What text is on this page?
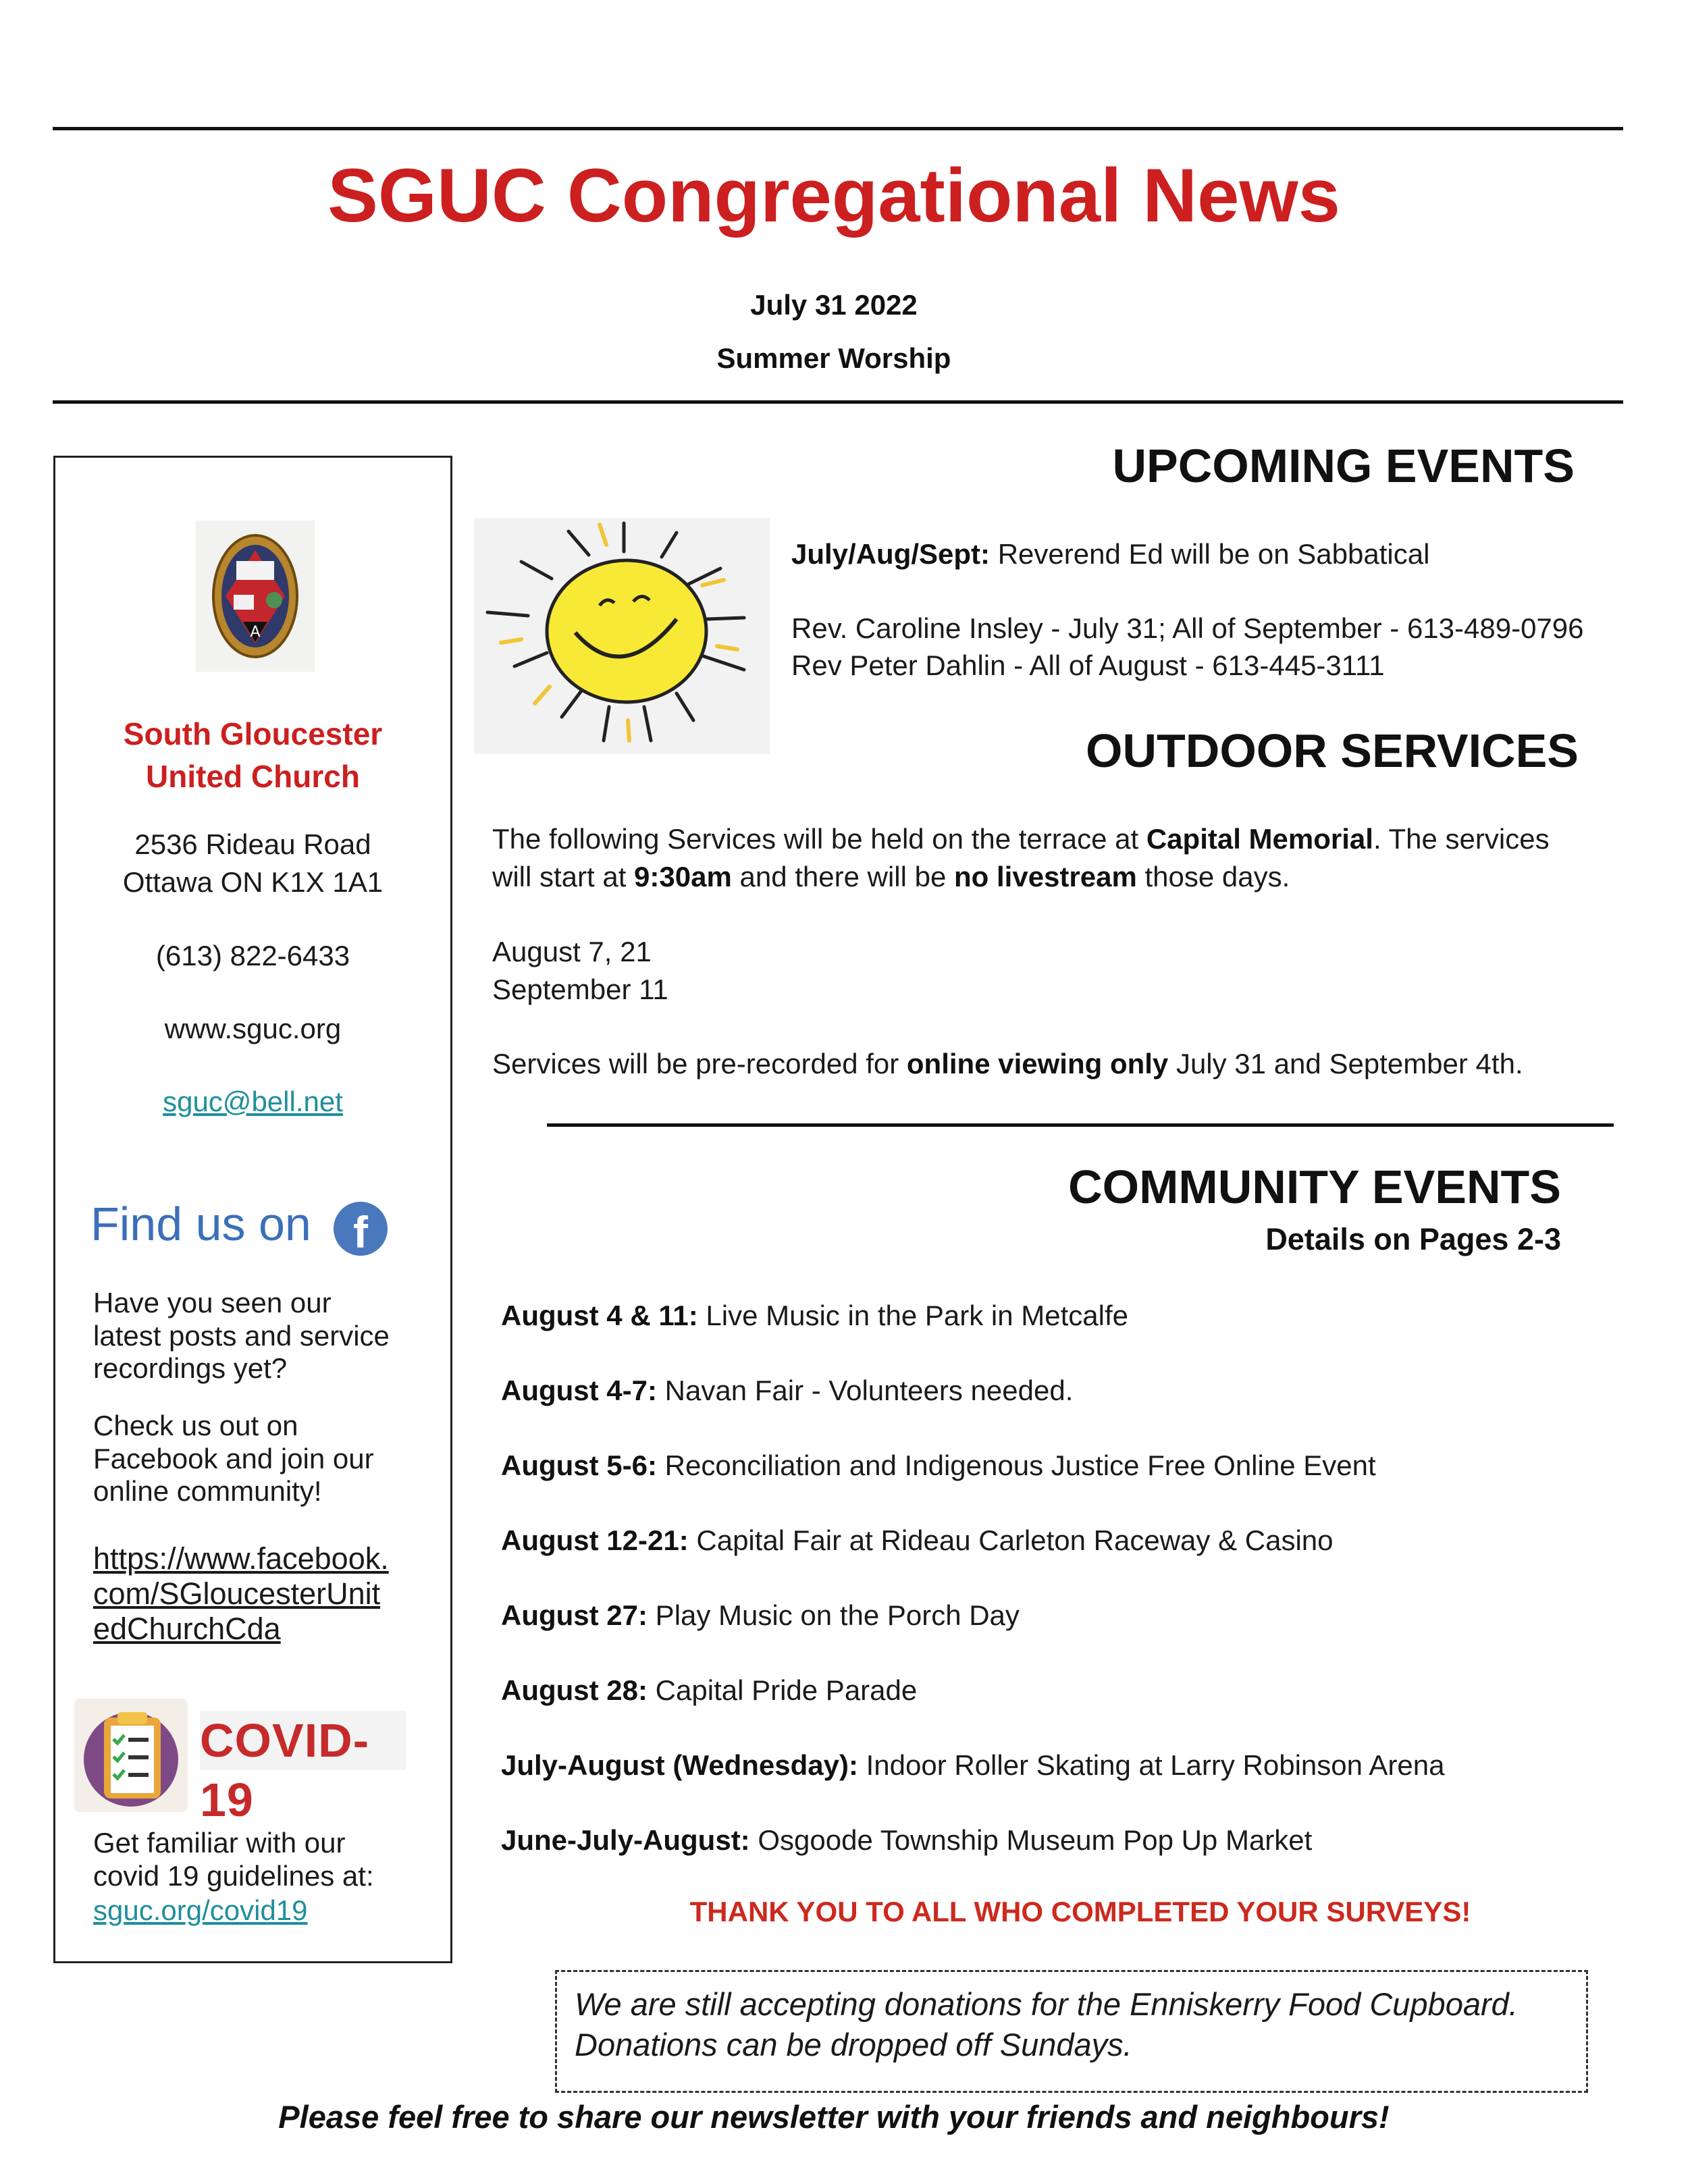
SGUC Congregational News
July 31 2022
Summer Worship
A
South Gloucester
United Church
2536 Rideau Road
Ottawa ON K1X 1A1
(613) 822-6433
www.sguc.org
sguc@bell.net
Find us on f
Have you seen our
latest posts and service
recordings yet?
Check us out on
Facebook and join our
online community!
https://www.facebook.
com/SGloucesterUnit
edChurchCda
COVID-19
Get familiar with our
covid 19 guidelines at:
sguc.org/covid19
UPCOMING EVENTS
July/Aug/Sept: Reverend Ed will be on Sabbatical
Rev. Caroline Insley - July 31; All of September - 613-489-0796
Rev Peter Dahlin - All of August - 613-445-3111
OUTDOOR SERVICES
The following Services will be held on the terrace at Capital Memorial. The services
will start at 9:30am and there will be no livestream those days.
August 7, 21
September 11
Services will be pre-recorded for online viewing only July 31 and September 4th.
COMMUNITY EVENTS
Details on Pages 2-3
August 4 & 11: Live Music in the Park in Metcalfe
August 4-7: Navan Fair - Volunteers needed.
August 5-6: Reconciliation and Indigenous Justice Free Online Event
August 12-21: Capital Fair at Rideau Carleton Raceway & Casino
August 27: Play Music on the Porch Day
August 28: Capital Pride Parade
July-August (Wednesday): Indoor Roller Skating at Larry Robinson Arena
June-July-August: Osgoode Township Museum Pop Up Market
THANK YOU TO ALL WHO COMPLETED YOUR SURVEYS!
We are still accepting donations for the Enniskerry Food Cupboard.
Donations can be dropped off Sundays.
Please feel free to share our newsletter with your friends and neighbours!
